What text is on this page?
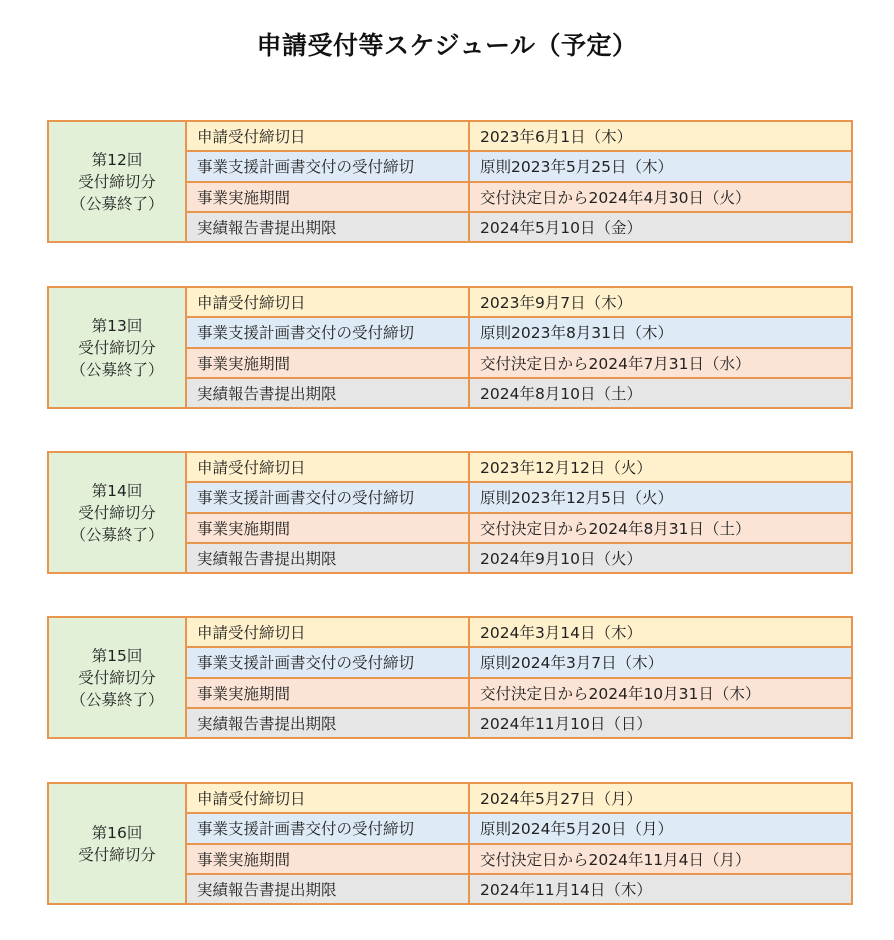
申請受付等スケジュール（予定）
第12回
受付締切分
（公募終了）
申請受付締切日	2023年6月1日（木）
事業支援計画書交付の受付締切	原則2023年5月25日（木）
事業実施期間	交付決定日から2024年4月30日（火）
実績報告書提出期限	2024年5月10日（金）
第13回
受付締切分
（公募終了）
申請受付締切日	2023年9月7日（木）
事業支援計画書交付の受付締切	原則2023年8月31日（木）
事業実施期間	交付決定日から2024年7月31日（水）
実績報告書提出期限	2024年8月10日（土）
第14回
受付締切分
（公募終了）
申請受付締切日	2023年12月12日（火）
事業支援計画書交付の受付締切	原則2023年12月5日（火）
事業実施期間	交付決定日から2024年8月31日（土）
実績報告書提出期限	2024年9月10日（火）
第15回
受付締切分
（公募終了）
申請受付締切日	2024年3月14日（木）
事業支援計画書交付の受付締切	原則2024年3月7日（木）
事業実施期間	交付決定日から2024年10月31日（木）
実績報告書提出期限	2024年11月10日（日）
第16回
受付締切分
申請受付締切日	2024年5月27日（月）
事業支援計画書交付の受付締切	原則2024年5月20日（月）
事業実施期間	交付決定日から2024年11月4日（月）
実績報告書提出期限	2024年11月14日（木）
